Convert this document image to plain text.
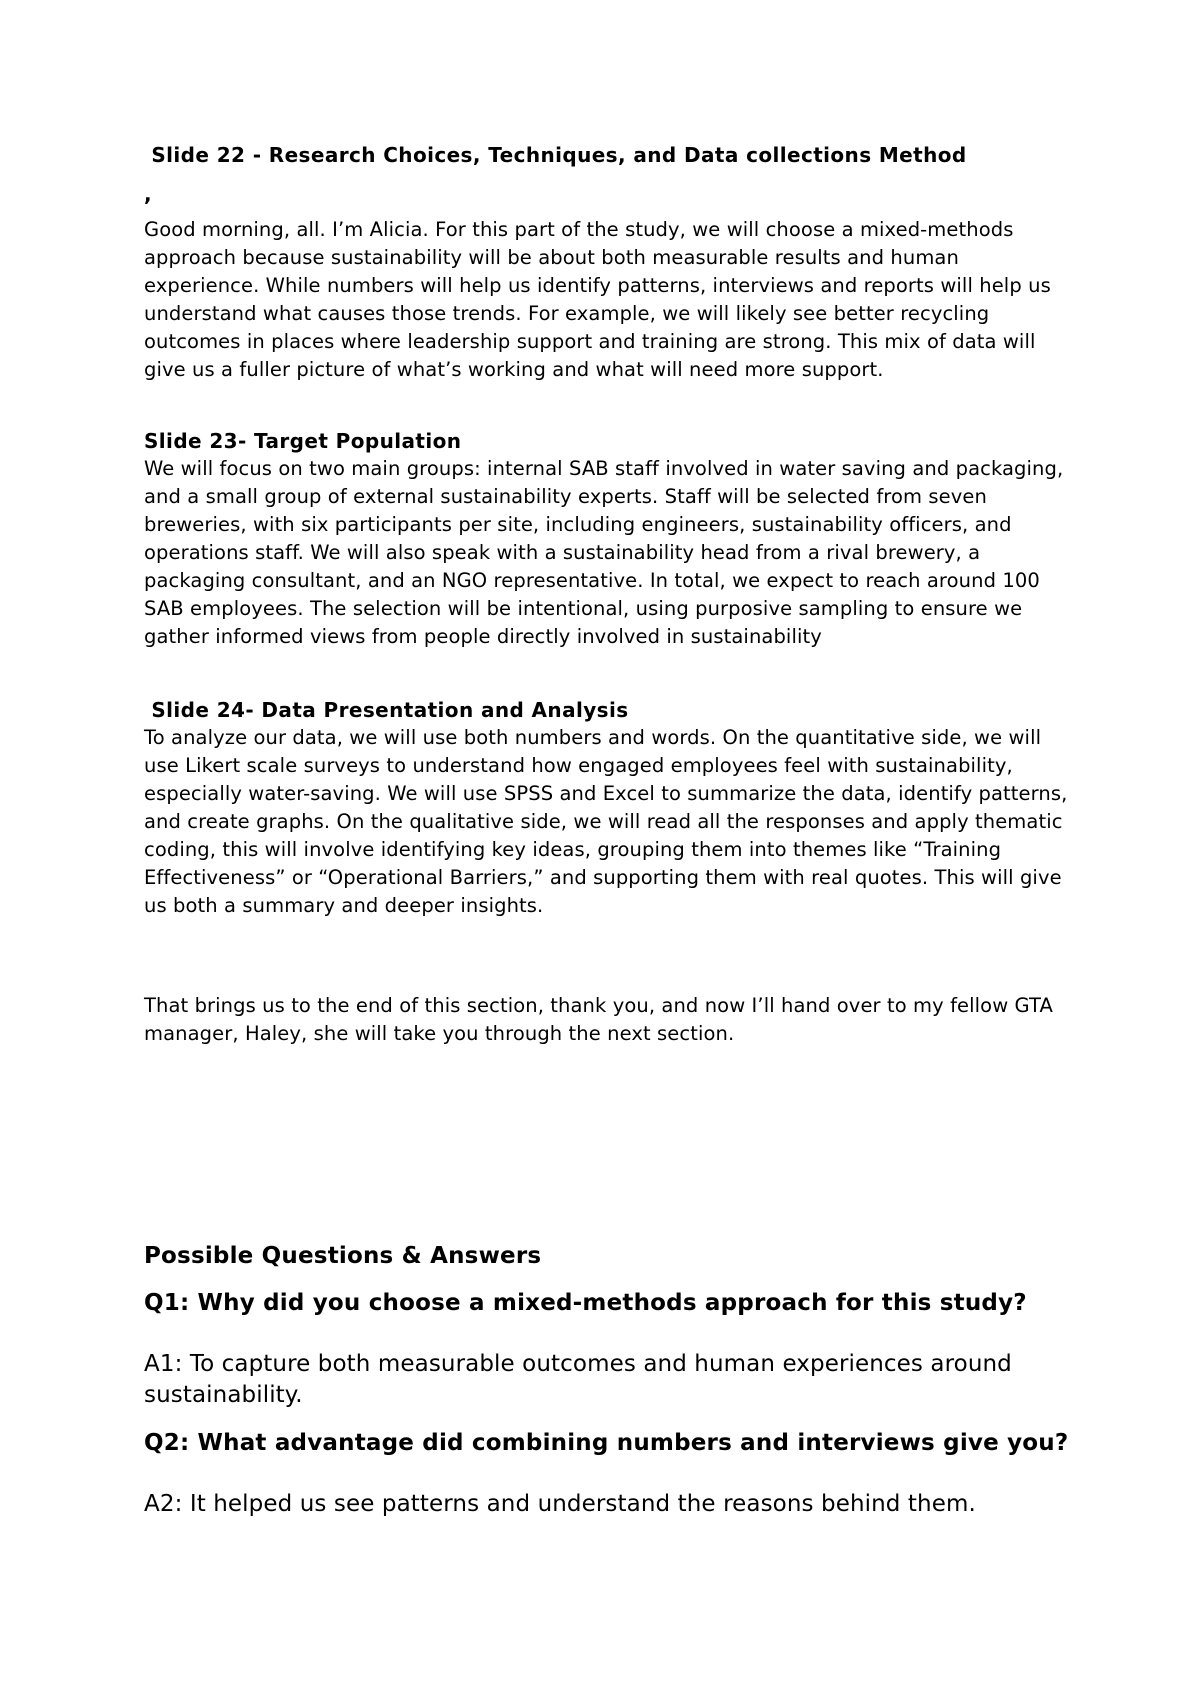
Slide 22 - Research Choices, Techniques, and Data collections Method

,

Good morning, all. I’m Alicia. For this part of the study, we will choose a mixed-methods approach because sustainability will be about both measurable results and human experience. While numbers will help us identify patterns, interviews and reports will help us understand what causes those trends. For example, we will likely see better recycling outcomes in places where leadership support and training are strong. This mix of data will give us a fuller picture of what’s working and what will need more support.

Slide 23- Target Population

We will focus on two main groups: internal SAB staff involved in water saving and packaging, and a small group of external sustainability experts. Staff will be selected from seven breweries, with six participants per site, including engineers, sustainability officers, and operations staff. We will also speak with a sustainability head from a rival brewery, a packaging consultant, and an NGO representative. In total, we expect to reach around 100 SAB employees. The selection will be intentional, using purposive sampling to ensure we gather informed views from people directly involved in sustainability

Slide 24- Data Presentation and Analysis

To analyze our data, we will use both numbers and words. On the quantitative side, we will use Likert scale surveys to understand how engaged employees feel with sustainability, especially water-saving. We will use SPSS and Excel to summarize the data, identify patterns, and create graphs. On the qualitative side, we will read all the responses and apply thematic coding, this will involve identifying key ideas, grouping them into themes like “Training Effectiveness” or “Operational Barriers,” and supporting them with real quotes. This will give us both a summary and deeper insights.

That brings us to the end of this section, thank you, and now I’ll hand over to my fellow GTA manager, Haley, she will take you through the next section.

Possible Questions & Answers

Q1: Why did you choose a mixed-methods approach for this study?

A1: To capture both measurable outcomes and human experiences around sustainability.

Q2: What advantage did combining numbers and interviews give you?

A2: It helped us see patterns and understand the reasons behind them.
